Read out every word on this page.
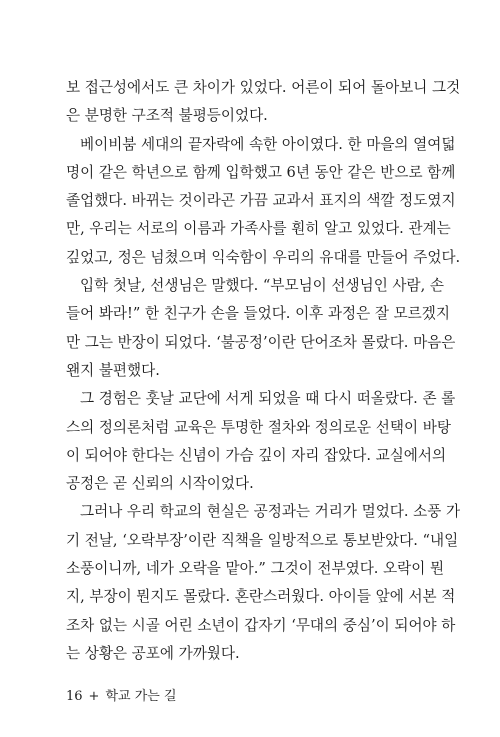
보 접근성에서도 큰 차이가 있었다. 어른이 되어 돌아보니 그것
은 분명한 구조적 불평등이었다.

베이비붐 세대의 끝자락에 속한 아이였다. 한 마을의 열여덟
명이 같은 학년으로 함께 입학했고 6년 동안 같은 반으로 함께
졸업했다. 바뀌는 것이라곤 가끔 교과서 표지의 색깔 정도였지
만, 우리는 서로의 이름과 가족사를 훤히 알고 있었다. 관계는
깊었고, 정은 넘쳤으며 익숙함이 우리의 유대를 만들어 주었다.

입학 첫날, 선생님은 말했다. “부모님이 선생님인 사람, 손
들어 봐라!” 한 친구가 손을 들었다. 이후 과정은 잘 모르겠지
만 그는 반장이 되었다. ‘불공정’이란 단어조차 몰랐다. 마음은
왠지 불편했다.

그 경험은 훗날 교단에 서게 되었을 때 다시 떠올랐다. 존 롤
스의 정의론처럼 교육은 투명한 절차와 정의로운 선택이 바탕
이 되어야 한다는 신념이 가슴 깊이 자리 잡았다. 교실에서의
공정은 곧 신뢰의 시작이었다.

그러나 우리 학교의 현실은 공정과는 거리가 멀었다. 소풍 가
기 전날, ‘오락부장’이란 직책을 일방적으로 통보받았다. “내일
소풍이니까, 네가 오락을 맡아.” 그것이 전부였다. 오락이 뭔
지, 부장이 뭔지도 몰랐다. 혼란스러웠다. 아이들 앞에 서본 적
조차 없는 시골 어린 소년이 갑자기 ‘무대의 중심’이 되어야 하
는 상황은 공포에 가까웠다.

16 + 학교 가는 길
